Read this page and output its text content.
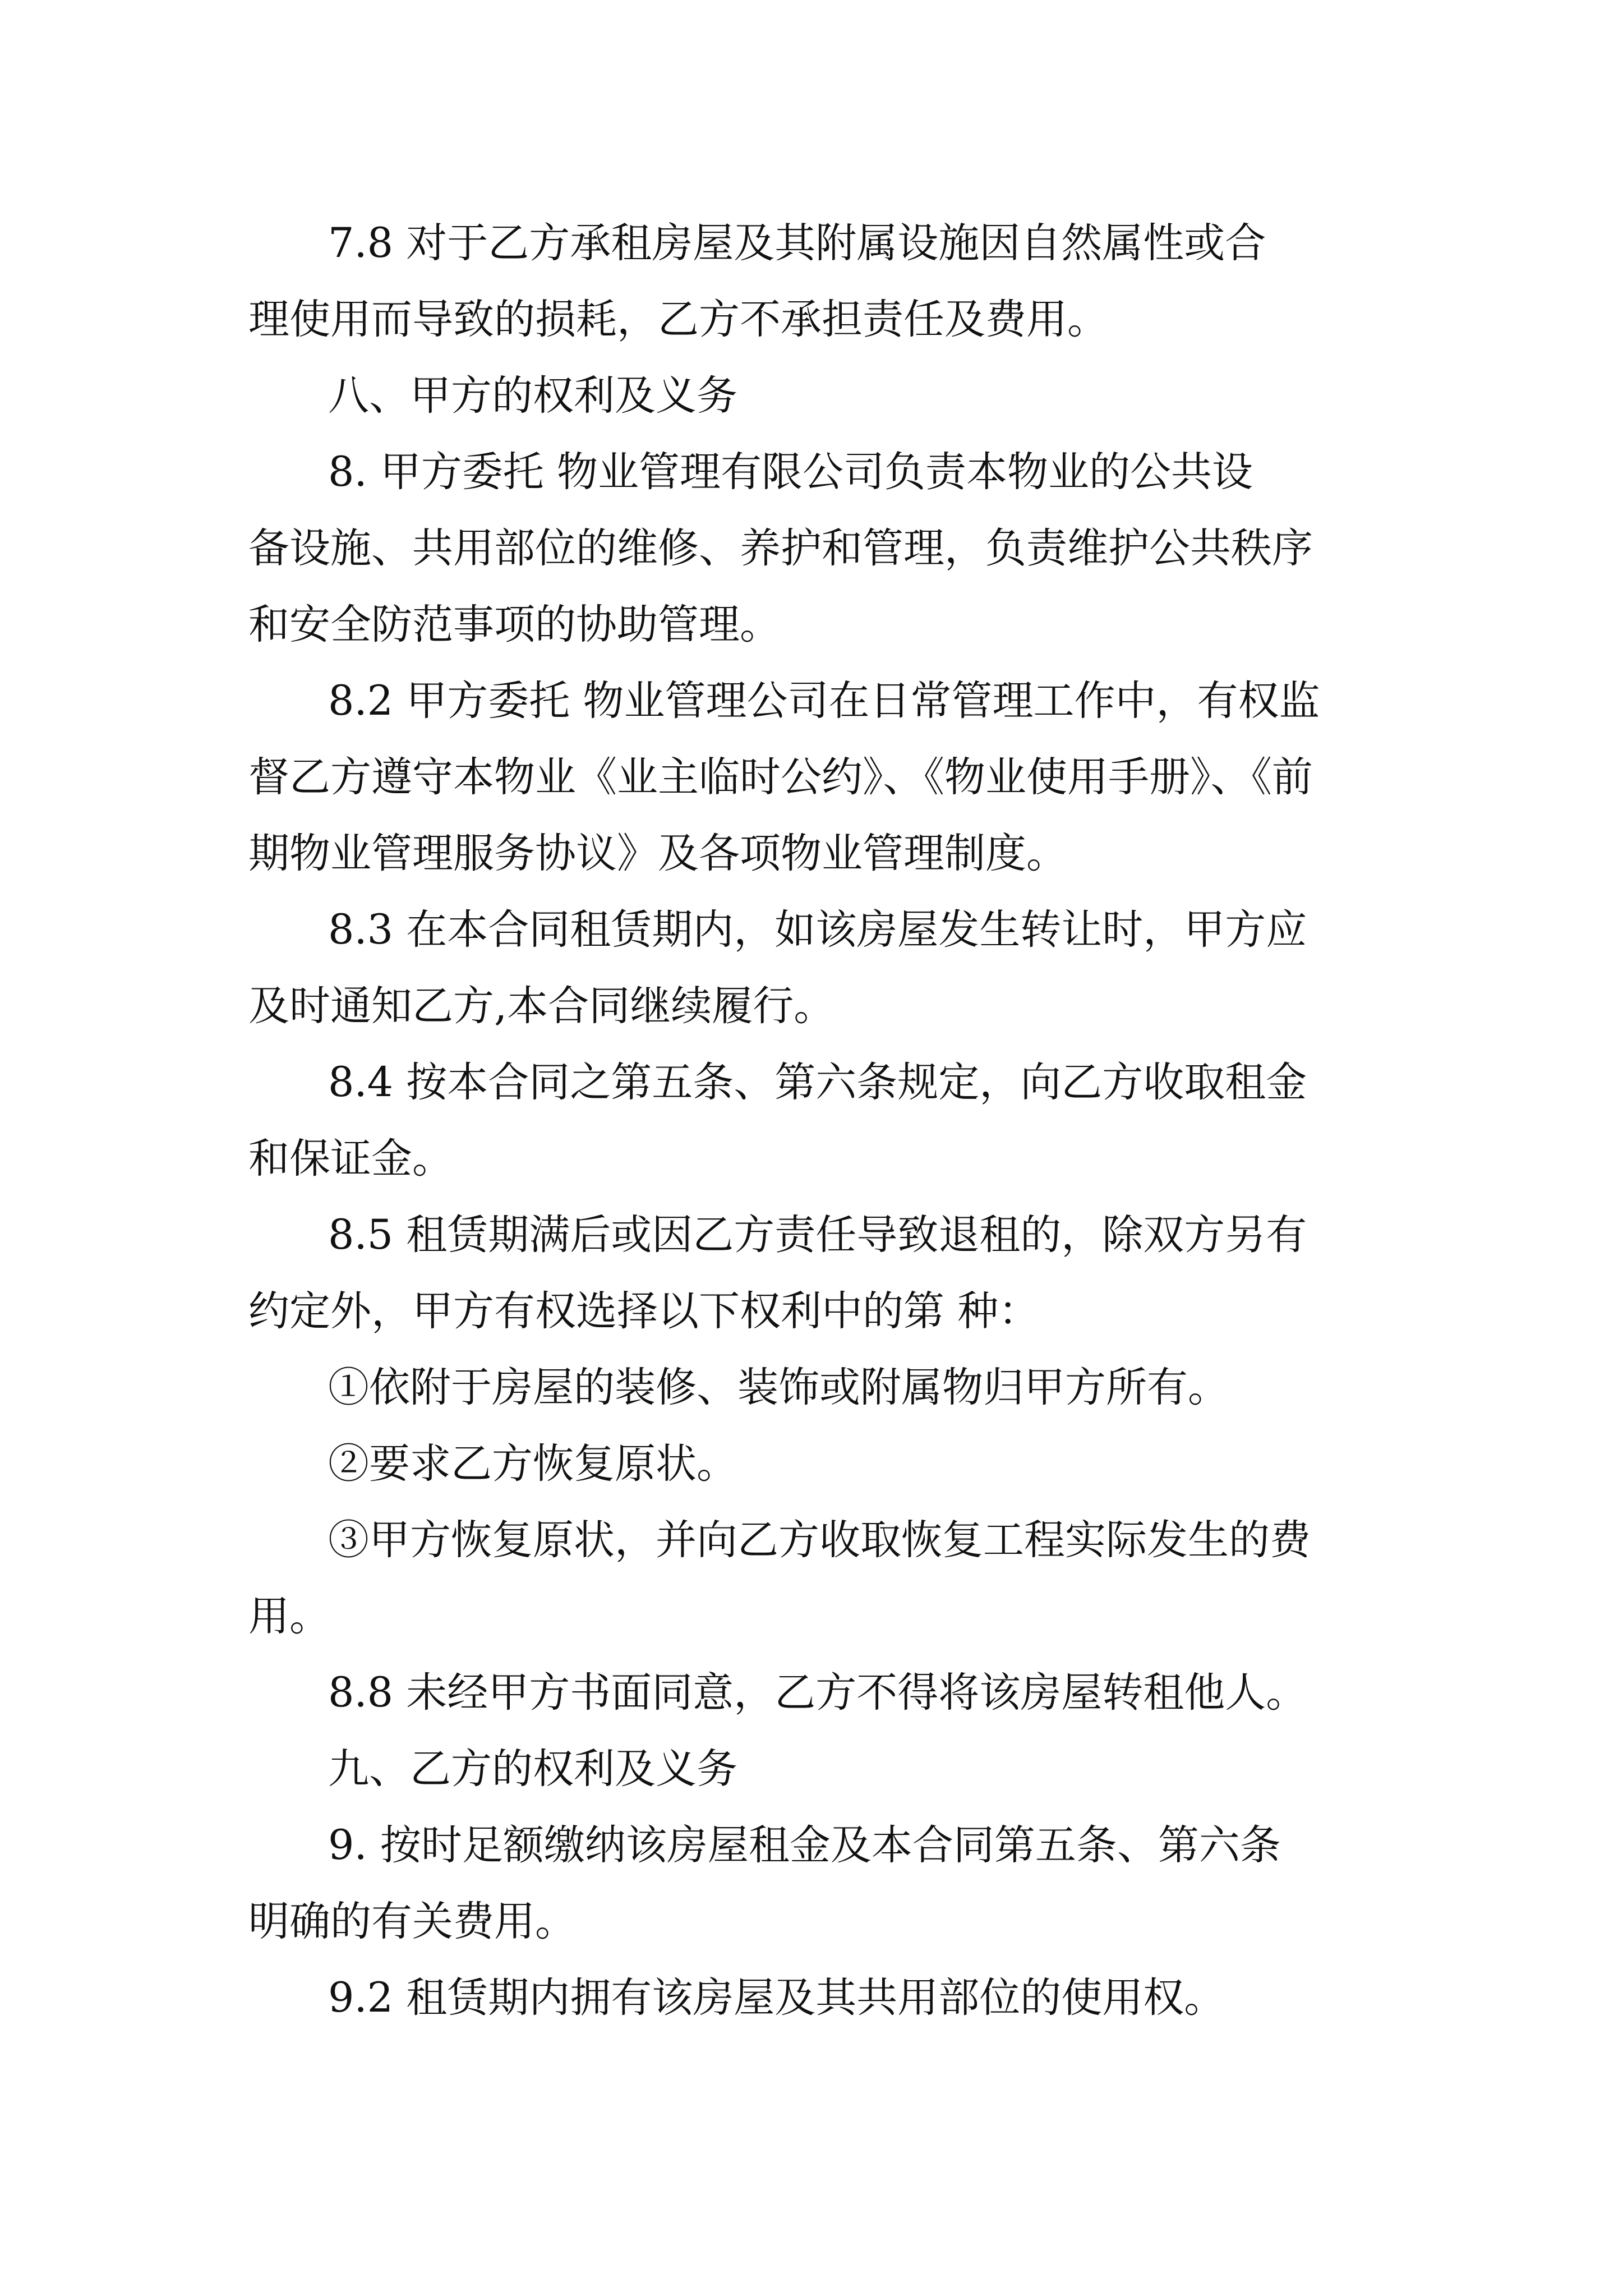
7.8 对于乙方承租房屋及其附属设施因自然属性或合
理使用而导致的损耗，乙方不承担责任及费用。
八、甲方的权利及义务
8. 甲方委托 物业管理有限公司负责本物业的公共设
备设施、共用部位的维修、养护和管理，负责维护公共秩序
和安全防范事项的协助管理。
8.2 甲方委托 物业管理公司在日常管理工作中，有权监
督乙方遵守本物业《业主临时公约》、《物业使用手册》、《前
期物业管理服务协议》及各项物业管理制度。
8.3 在本合同租赁期内，如该房屋发生转让时，甲方应
及时通知乙方,本合同继续履行。
8.4 按本合同之第五条、第六条规定，向乙方收取租金
和保证金。
8.5 租赁期满后或因乙方责任导致退租的，除双方另有
约定外，甲方有权选择以下权利中的第 种：
①依附于房屋的装修、装饰或附属物归甲方所有。
②要求乙方恢复原状。
③甲方恢复原状，并向乙方收取恢复工程实际发生的费
用。
8.8 未经甲方书面同意，乙方不得将该房屋转租他人。
九、乙方的权利及义务
9. 按时足额缴纳该房屋租金及本合同第五条、第六条
明确的有关费用。
9.2 租赁期内拥有该房屋及其共用部位的使用权。
